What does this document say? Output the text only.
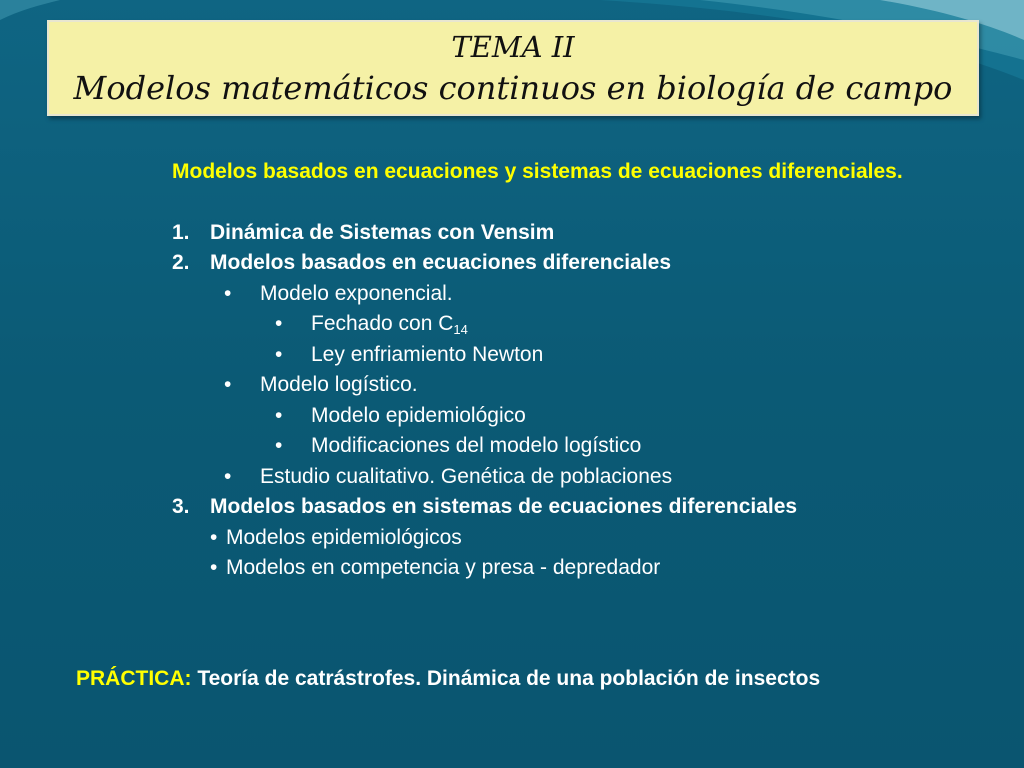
TEMA II
Modelos matemáticos continuos en biología de campo
Modelos basados en ecuaciones y sistemas de ecuaciones diferenciales.
1. Dinámica de Sistemas con Vensim
2. Modelos basados en ecuaciones diferenciales
• Modelo exponencial.
• Fechado con $C_{14}$
• Ley enfriamiento Newton
• Modelo logístico.
• Modelo epidemiológico
• Modificaciones del modelo logístico
• Estudio cualitativo. Genética de poblaciones
3. Modelos basados en sistemas de ecuaciones diferenciales
• Modelos epidemiológicos
• Modelos en competencia y presa - depredador
PRÁCTICA: Teoría de catrástrofes. Dinámica de una población de insectos
